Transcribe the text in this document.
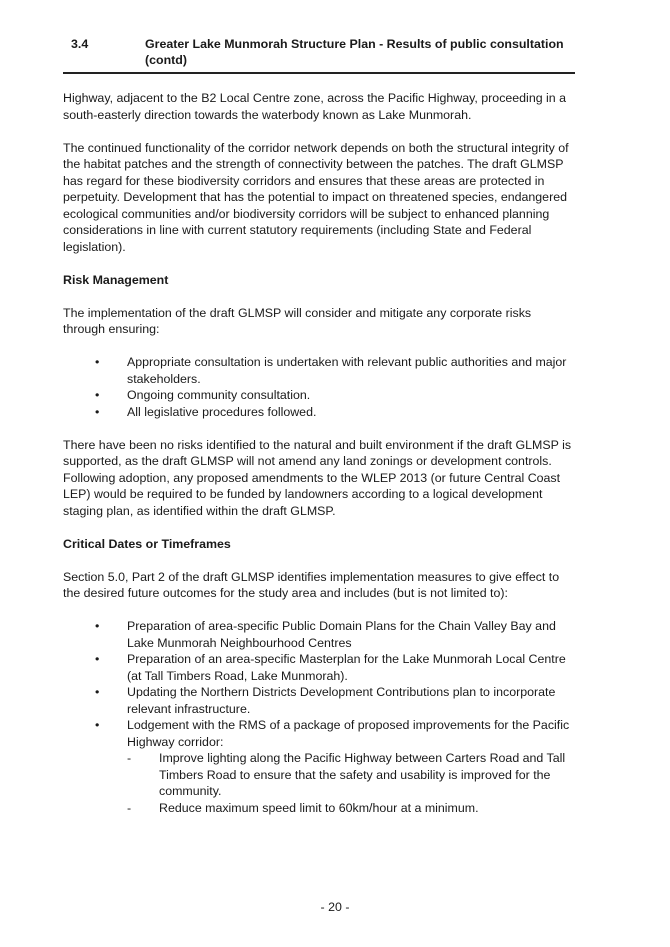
3.4	Greater Lake Munmorah Structure Plan - Results of public consultation (contd)

Highway, adjacent to the B2 Local Centre zone, across the Pacific Highway, proceeding in a south-easterly direction towards the waterbody known as Lake Munmorah.

The continued functionality of the corridor network depends on both the structural integrity of the habitat patches and the strength of connectivity between the patches. The draft GLMSP has regard for these biodiversity corridors and ensures that these areas are protected in perpetuity. Development that has the potential to impact on threatened species, endangered ecological communities and/or biodiversity corridors will be subject to enhanced planning considerations in line with current statutory requirements (including State and Federal legislation).

Risk Management

The implementation of the draft GLMSP will consider and mitigate any corporate risks through ensuring:

• Appropriate consultation is undertaken with relevant public authorities and major stakeholders.
• Ongoing community consultation.
• All legislative procedures followed.

There have been no risks identified to the natural and built environment if the draft GLMSP is supported, as the draft GLMSP will not amend any land zonings or development controls. Following adoption, any proposed amendments to the WLEP 2013 (or future Central Coast LEP) would be required to be funded by landowners according to a logical development staging plan, as identified within the draft GLMSP.

Critical Dates or Timeframes

Section 5.0, Part 2 of the draft GLMSP identifies implementation measures to give effect to the desired future outcomes for the study area and includes (but is not limited to):

• Preparation of area-specific Public Domain Plans for the Chain Valley Bay and Lake Munmorah Neighbourhood Centres
• Preparation of an area-specific Masterplan for the Lake Munmorah Local Centre (at Tall Timbers Road, Lake Munmorah).
• Updating the Northern Districts Development Contributions plan to incorporate relevant infrastructure.
• Lodgement with the RMS of a package of proposed improvements for the Pacific Highway corridor:
- Improve lighting along the Pacific Highway between Carters Road and Tall Timbers Road to ensure that the safety and usability is improved for the community.
- Reduce maximum speed limit to 60km/hour at a minimum.
- 20 -
